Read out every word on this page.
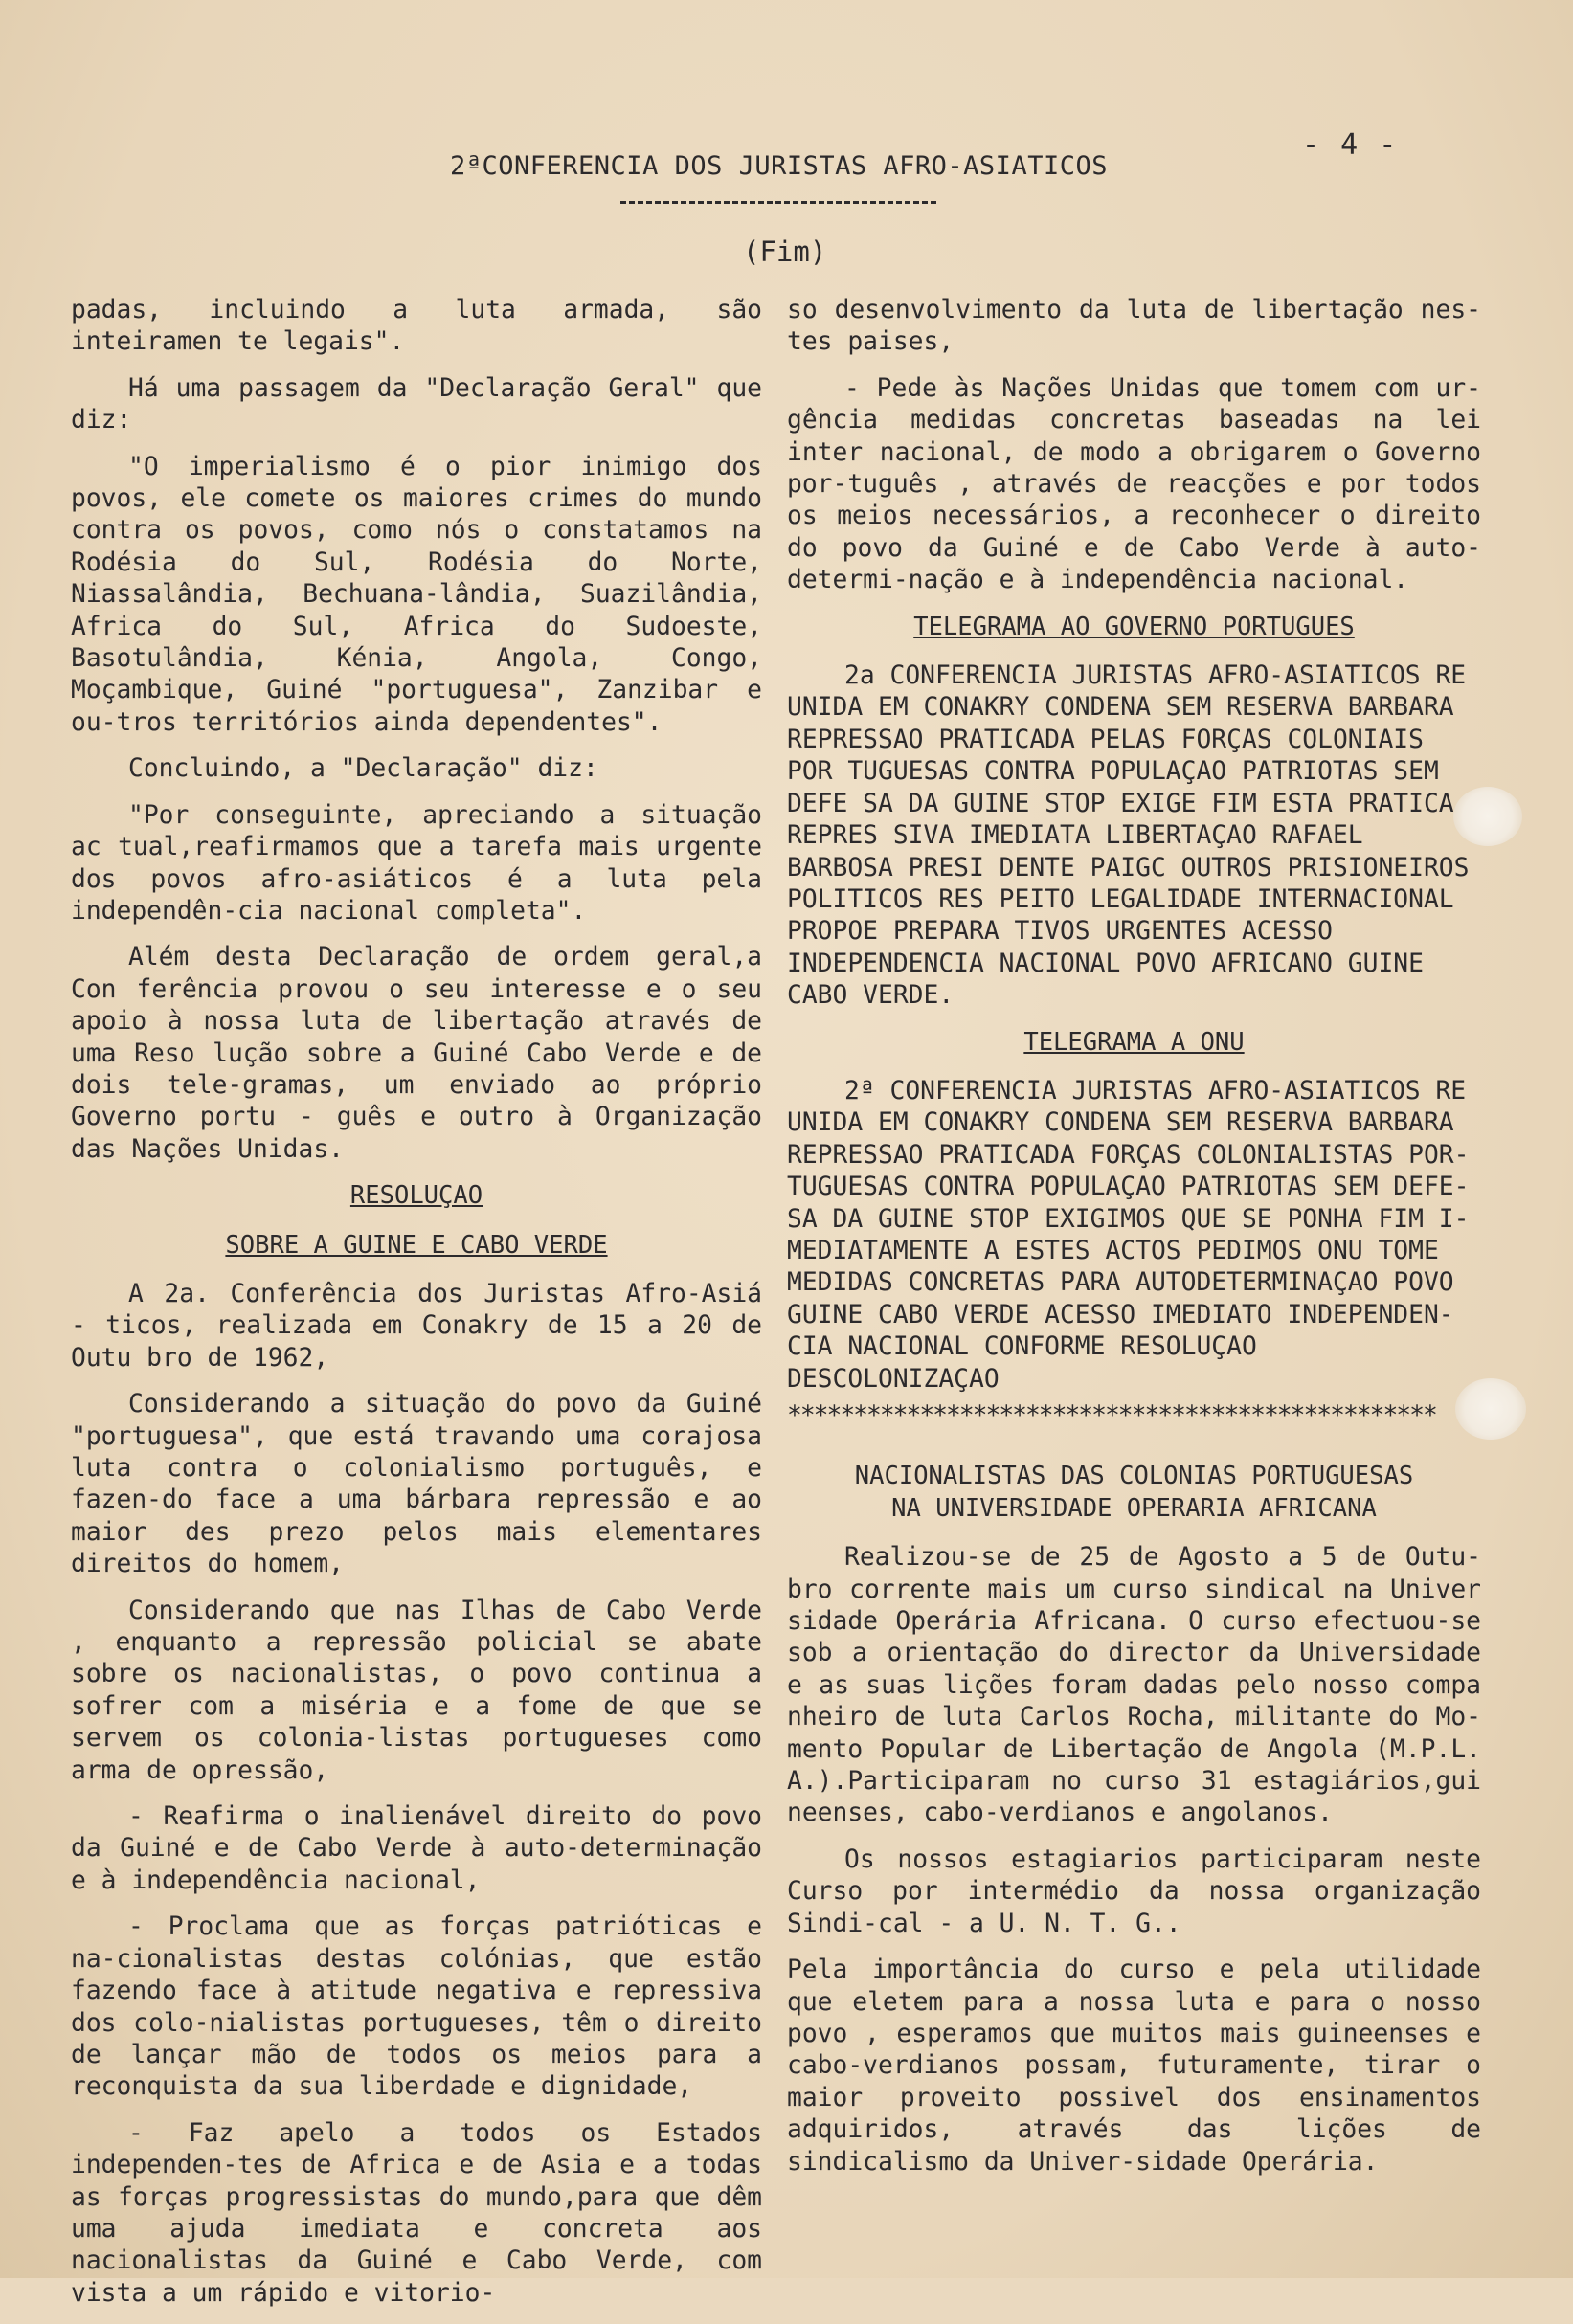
2ªCONFERENCIA DOS JURISTAS AFRO-ASIATICOS
- 4 -
(Fim)

padas, incluindo a luta armada, são inteiramen te legais".

Há uma passagem da "Declaração Geral" que diz:

"O imperialismo é o pior inimigo dos povos, ele comete os maiores crimes do mundo contra os povos, como nós o constatamos na Rodésia do Sul, Rodésia do Norte, Niassalândia, Bechuana-lândia, Suazilândia, Africa do Sul, Africa do Sudoeste, Basotulândia, Kénia, Angola, Congo, Moçambique, Guiné "portuguesa", Zanzibar e ou-tros territórios ainda dependentes".

Concluindo, a "Declaração" diz:

"Por conseguinte, apreciando a situação ac tual,reafirmamos que a tarefa mais urgente dos povos afro-asiáticos é a luta pela independên-cia nacional completa".

Além desta Declaração de ordem geral,a Con ferência provou o seu interesse e o seu apoio à nossa luta de libertação através de uma Reso lução sobre a Guiné Cabo Verde e de dois tele-gramas, um enviado ao próprio Governo portu - guês e outro à Organização das Nações Unidas.

RESOLUÇAO
SOBRE A GUINE E CABO VERDE

A 2a. Conferência dos Juristas Afro-Asiá - ticos, realizada em Conakry de 15 a 20 de Outu bro de 1962,

Considerando a situação do povo da Guiné "portuguesa", que está travando uma corajosa luta contra o colonialismo português, e fazen-do face a uma bárbara repressão e ao maior des prezo pelos mais elementares direitos do homem,

Considerando que nas Ilhas de Cabo Verde , enquanto a repressão policial se abate sobre os nacionalistas, o povo continua a sofrer com a miséria e a fome de que se servem os colonia-listas portugueses como arma de opressão,

- Reafirma o inalienável direito do povo da Guiné e de Cabo Verde à auto-determinação e à independência nacional,

- Proclama que as forças patrióticas e na-cionalistas destas colónias, que estão fazendo face à atitude negativa e repressiva dos colo-nialistas portugueses, têm o direito de lançar mão de todos os meios para a reconquista da sua liberdade e dignidade,

- Faz apelo a todos os Estados independen-tes de Africa e de Asia e a todas as forças progressistas do mundo,para que dêm uma ajuda imediata e concreta aos nacionalistas da Guiné e Cabo Verde, com vista a um rápido e vitorio-

so desenvolvimento da luta de libertação nes-tes paises,

- Pede às Nações Unidas que tomem com ur-gência medidas concretas baseadas na lei inter nacional, de modo a obrigarem o Governo por-tuguês , através de reacções e por todos os meios necessários, a reconhecer o direito do povo da Guiné e de Cabo Verde à auto-determi-nação e à independência nacional.

TELEGRAMA AO GOVERNO PORTUGUES

2a CONFERENCIA JURISTAS AFRO-ASIATICOS RE UNIDA EM CONAKRY CONDENA SEM RESERVA BARBARA REPRESSAO PRATICADA PELAS FORÇAS COLONIAIS POR TUGUESAS CONTRA POPULAÇAO PATRIOTAS SEM DEFE SA DA GUINE STOP EXIGE FIM ESTA PRATICA REPRES SIVA IMEDIATA LIBERTAÇAO RAFAEL BARBOSA PRESI DENTE PAIGC OUTROS PRISIONEIROS POLITICOS RES PEITO LEGALIDADE INTERNACIONAL PROPOE PREPARA TIVOS URGENTES ACESSO INDEPENDENCIA NACIONAL POVO AFRICANO GUINE CABO VERDE.

TELEGRAMA A ONU

2ª CONFERENCIA JURISTAS AFRO-ASIATICOS RE UNIDA EM CONAKRY CONDENA SEM RESERVA BARBARA REPRESSAO PRATICADA FORÇAS COLONIALISTAS POR-TUGUESAS CONTRA POPULAÇAO PATRIOTAS SEM DEFE-SA DA GUINE STOP EXIGIMOS QUE SE PONHA FIM I-MEDIATAMENTE A ESTES ACTOS PEDIMOS ONU TOME MEDIDAS CONCRETAS PARA AUTODETERMINAÇAO POVO GUINE CABO VERDE ACESSO IMEDIATO INDEPENDEN-CIA NACIONAL CONFORME RESOLUÇAO DESCOLONIZAÇAO

*************************************************
NACIONALISTAS DAS COLONIAS PORTUGUESAS
NA UNIVERSIDADE OPERARIA AFRICANA

Realizou-se de 25 de Agosto a 5 de Outu-bro corrente mais um curso sindical na Univer sidade Operária Africana. O curso efectuou-se sob a orientação do director da Universidade e as suas lições foram dadas pelo nosso compa nheiro de luta Carlos Rocha, militante do Mo-mento Popular de Libertação de Angola (M.P.L. A.).Participaram no curso 31 estagiários,gui neenses, cabo-verdianos e angolanos.

Os nossos estagiarios participaram neste Curso por intermédio da nossa organização Sindi-cal - a U. N. T. G..

Pela importância do curso e pela utilidade que eletem para a nossa luta e para o nosso povo , esperamos que muitos mais guineenses e cabo-verdianos possam, futuramente, tirar o maior proveito possivel dos ensinamentos adquiridos, através das lições de sindicalismo da Univer-sidade Operária.
